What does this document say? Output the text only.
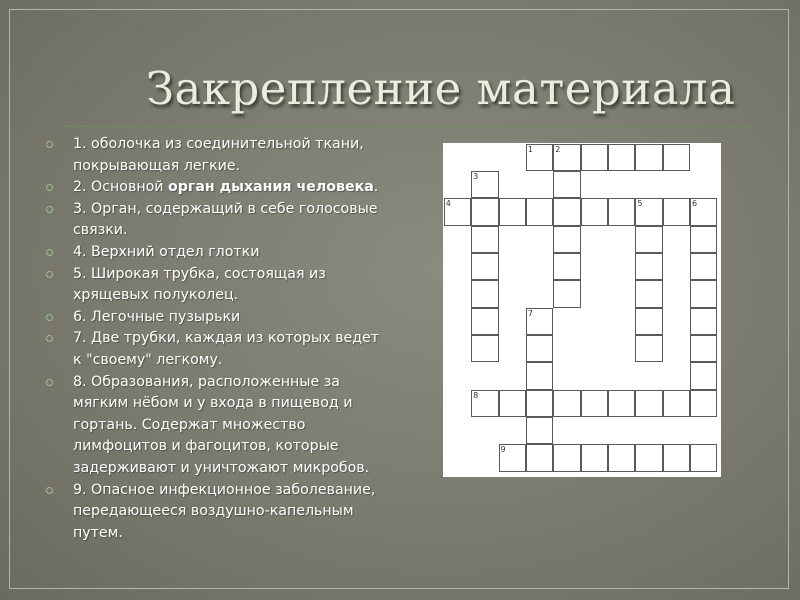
Закрепление материала
1. оболочка из соединительной ткани, покрывающая легкие.
2. Основной орган дыхания человека.
3. Орган, содержащий в себе голосовые связки.
4. Верхний отдел глотки
5. Широкая трубка, состоящая из хрящевых полуколец.
6. Легочные пузырьки
7. Две трубки, каждая из которых ведет к "своему" легкому.
8. Образования, расположенные за мягким нёбом и у входа в пищевод и гортань. Содержат множество лимфоцитов и фагоцитов, которые задерживают и уничтожают микробов.
9. Опасное инфекционное заболевание, передающееся воздушно-капельным путем.
1	2
3
4	5	6
7
8
9
